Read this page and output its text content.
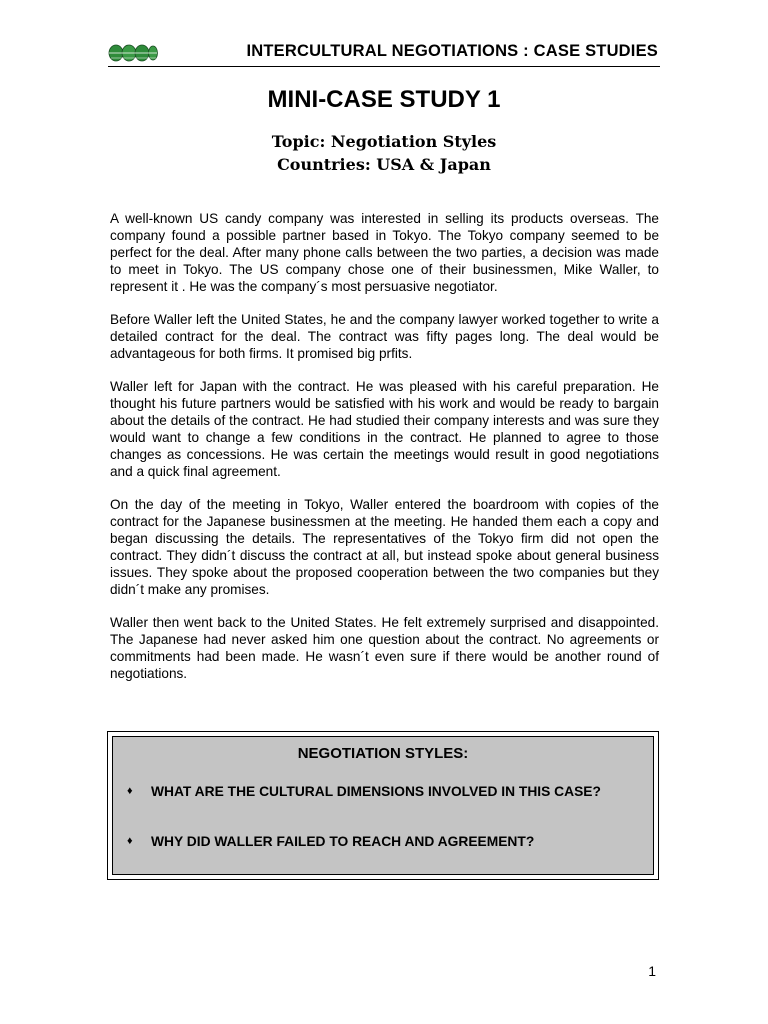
INTERCULTURAL NEGOTIATIONS : CASE STUDIES
MINI-CASE STUDY 1
Topic: Negotiation Styles
Countries: USA & Japan

A well-known US candy company was interested in selling its products overseas. The company found a possible partner based in Tokyo. The Tokyo company seemed to be perfect for the deal. After many phone calls between the two parties, a decision was made to meet in Tokyo. The US company chose one of their businessmen, Mike Waller, to represent it . He was the company´s most persuasive negotiator.

Before Waller left the United States, he and the company lawyer worked together to write a detailed contract for the deal. The contract was fifty pages long. The deal would be advantageous for both firms. It promised big prfits.

Waller left for Japan with the contract. He was pleased with his careful preparation. He thought his future partners would be satisfied with his work and would be ready to bargain about the details of the contract. He had studied their company interests and was sure they would want to change a few conditions in the contract. He planned to agree to those changes as concessions. He was certain the meetings would result in good negotiations and a quick final agreement.

On the day of the meeting in Tokyo, Waller entered the boardroom with copies of the contract for the Japanese businessmen at the meeting. He handed them each a copy and began discussing the details. The representatives of the Tokyo firm did not open the contract. They didn´t discuss the contract at all, but instead spoke about general business issues. They spoke about the proposed cooperation between the two companies but they didn´t make any promises.

Waller then went back to the United States. He felt extremely surprised and disappointed. The Japanese had never asked him one question about the contract. No agreements or commitments had been made. He wasn´t even sure if there would be another round of negotiations.

NEGOTIATION STYLES:
♦ WHAT ARE THE CULTURAL DIMENSIONS INVOLVED IN THIS CASE?
♦ WHY DID WALLER FAILED TO REACH AND AGREEMENT?
1
